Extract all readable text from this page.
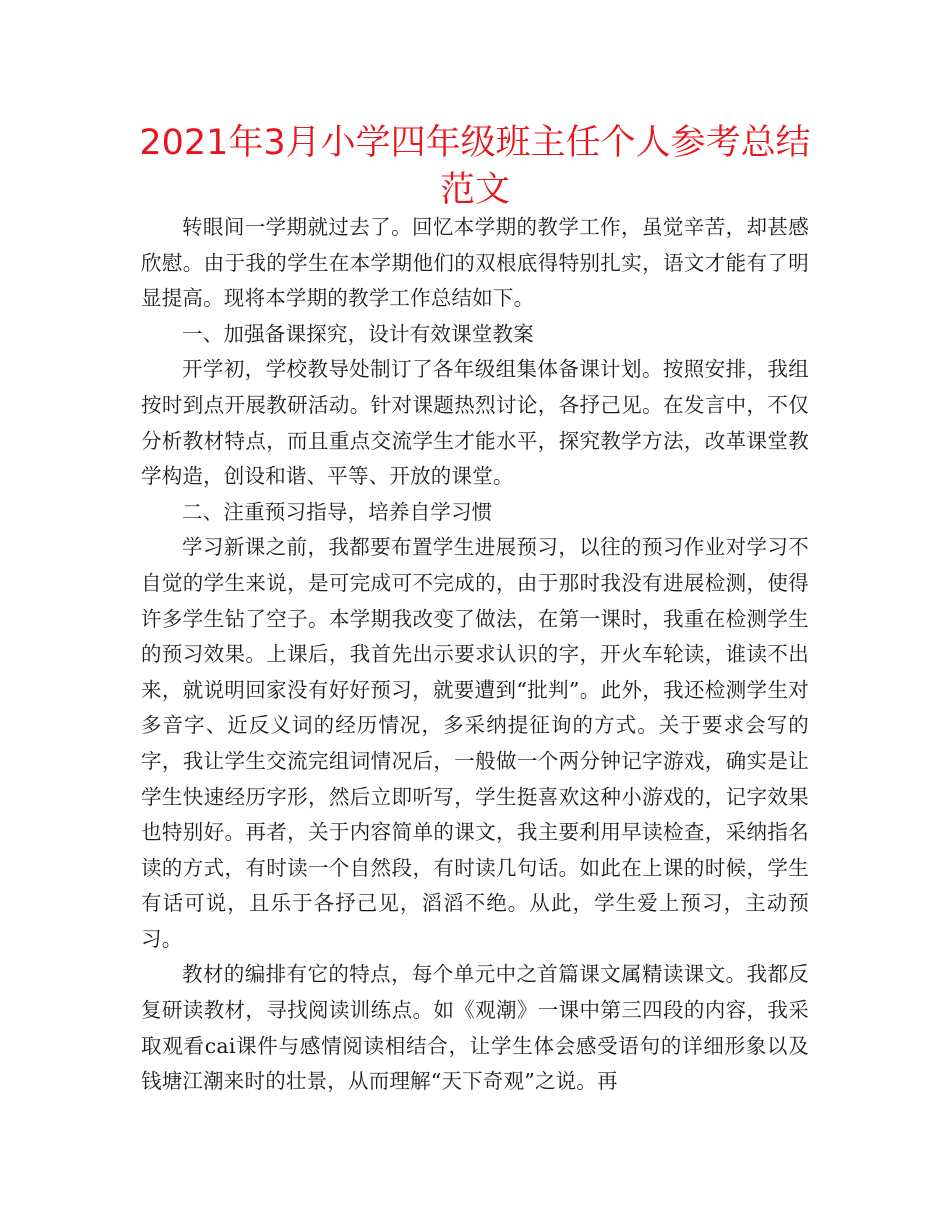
2021年3月小学四年级班主任个人参考总结范文

转眼间一学期就过去了。回忆本学期的教学工作，虽觉辛苦，却甚感欣慰。由于我的学生在本学期他们的双根底得特别扎实，语文才能有了明显提高。现将本学期的教学工作总结如下。

一、加强备课探究，设计有效课堂教案

开学初，学校教导处制订了各年级组集体备课计划。按照安排，我组按时到点开展教研活动。针对课题热烈讨论，各抒己见。在发言中，不仅分析教材特点，而且重点交流学生才能水平，探究教学方法，改革课堂教学构造，创设和谐、平等、开放的课堂。

二、注重预习指导，培养自学习惯

学习新课之前，我都要布置学生进展预习，以往的预习作业对学习不自觉的学生来说，是可完成可不完成的，由于那时我没有进展检测，使得许多学生钻了空子。本学期我改变了做法，在第一课时，我重在检测学生的预习效果。上课后，我首先出示要求认识的字，开火车轮读，谁读不出来，就说明回家没有好好预习，就要遭到“批判”。此外，我还检测学生对多音字、近反义词的经历情况，多采纳提征询的方式。关于要求会写的字，我让学生交流完组词情况后，一般做一个两分钟记字游戏，确实是让学生快速经历字形，然后立即听写，学生挺喜欢这种小游戏的，记字效果也特别好。再者，关于内容简单的课文，我主要利用早读检查，采纳指名读的方式，有时读一个自然段，有时读几句话。如此在上课的时候，学生有话可说，且乐于各抒己见，滔滔不绝。从此，学生爱上预习，主动预习。

教材的编排有它的特点，每个单元中之首篇课文属精读课文。我都反复研读教材，寻找阅读训练点。如《观潮》一课中第三四段的内容，我采取观看cai课件与感情阅读相结合，让学生体会感受语句的详细形象以及钱塘江潮来时的壮景，从而理解“天下奇观”之说。再
